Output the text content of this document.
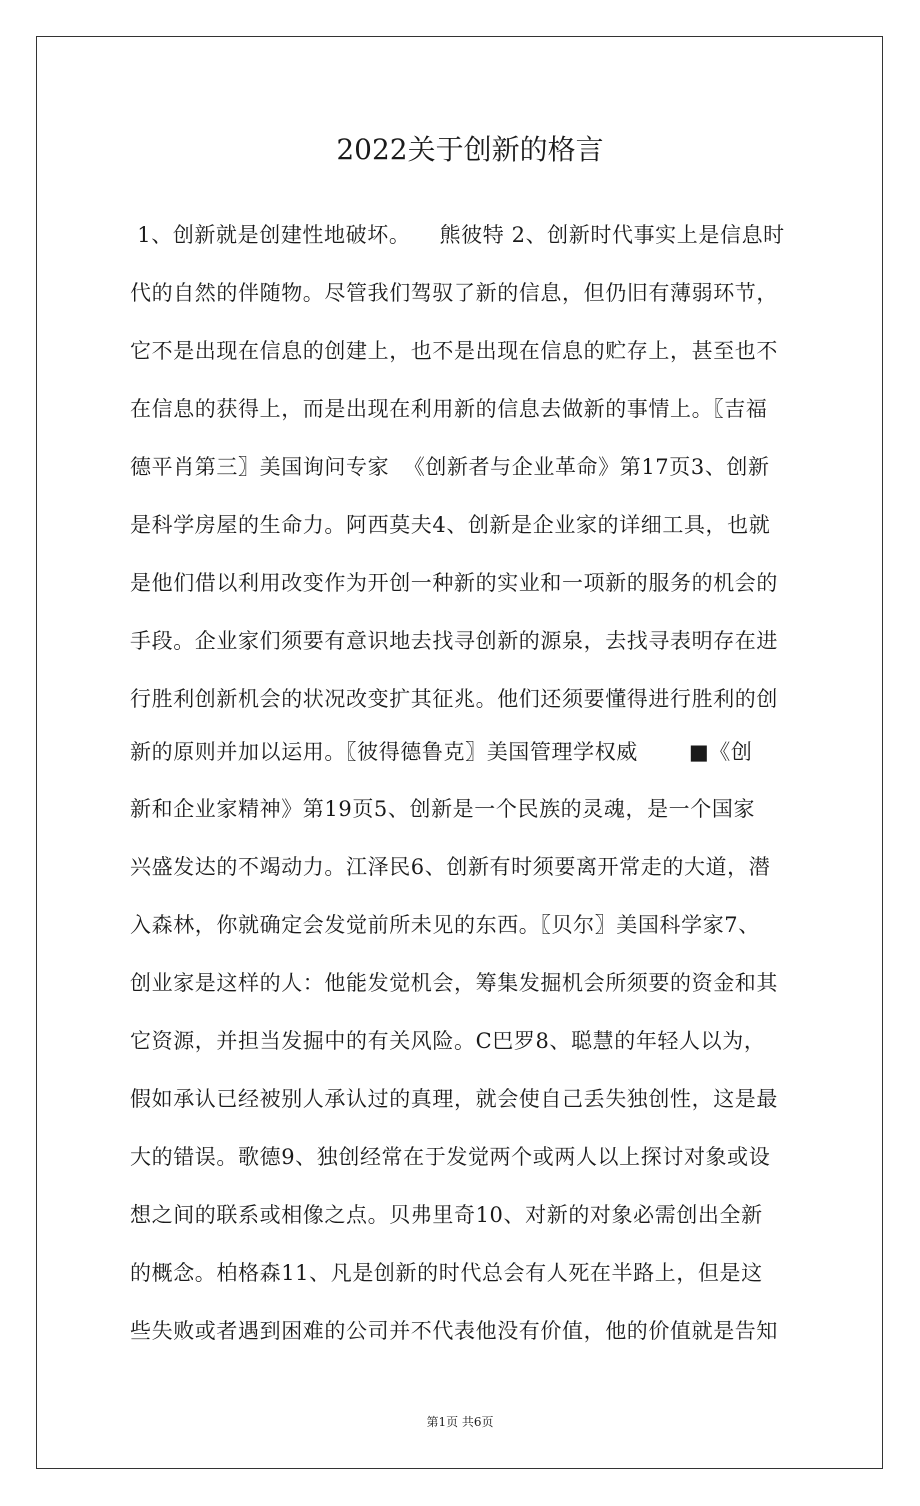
2022关于创新的格言
1、创新就是创建性地破坏。    熊彼特 2、创新时代事实上是信息时
代的自然的伴随物。尽管我们驾驭了新的信息，但仍旧有薄弱环节，
它不是出现在信息的创建上，也不是出现在信息的贮存上，甚至也不
在信息的获得上，而是出现在利用新的信息去做新的事情上。〖吉福
德平肖第三〗美国询问专家  《创新者与企业革命》第17页3、创新
是科学房屋的生命力。阿西莫夫4、创新是企业家的详细工具，也就
是他们借以利用改变作为开创一种新的实业和一项新的服务的机会的
手段。企业家们须要有意识地去找寻创新的源泉，去找寻表明存在进
行胜利创新机会的状况改变扩其征兆。他们还须要懂得进行胜利的创
新的原则并加以运用。〖彼得德鲁克〗美国管理学权威       ■《创
新和企业家精神》第19页5、创新是一个民族的灵魂，是一个国家
兴盛发达的不竭动力。江泽民6、创新有时须要离开常走的大道，潜
入森林，你就确定会发觉前所未见的东西。〖贝尔〗美国科学家7、
创业家是这样的人：他能发觉机会，筹集发掘机会所须要的资金和其
它资源，并担当发掘中的有关风险。C巴罗8、聪慧的年轻人以为，
假如承认已经被别人承认过的真理，就会使自己丢失独创性，这是最
大的错误。歌德9、独创经常在于发觉两个或两人以上探讨对象或设
想之间的联系或相像之点。贝弗里奇10、对新的对象必需创出全新
的概念。柏格森11、凡是创新的时代总会有人死在半路上，但是这
些失败或者遇到困难的公司并不代表他没有价值，他的价值就是告知
第1页 共6页
